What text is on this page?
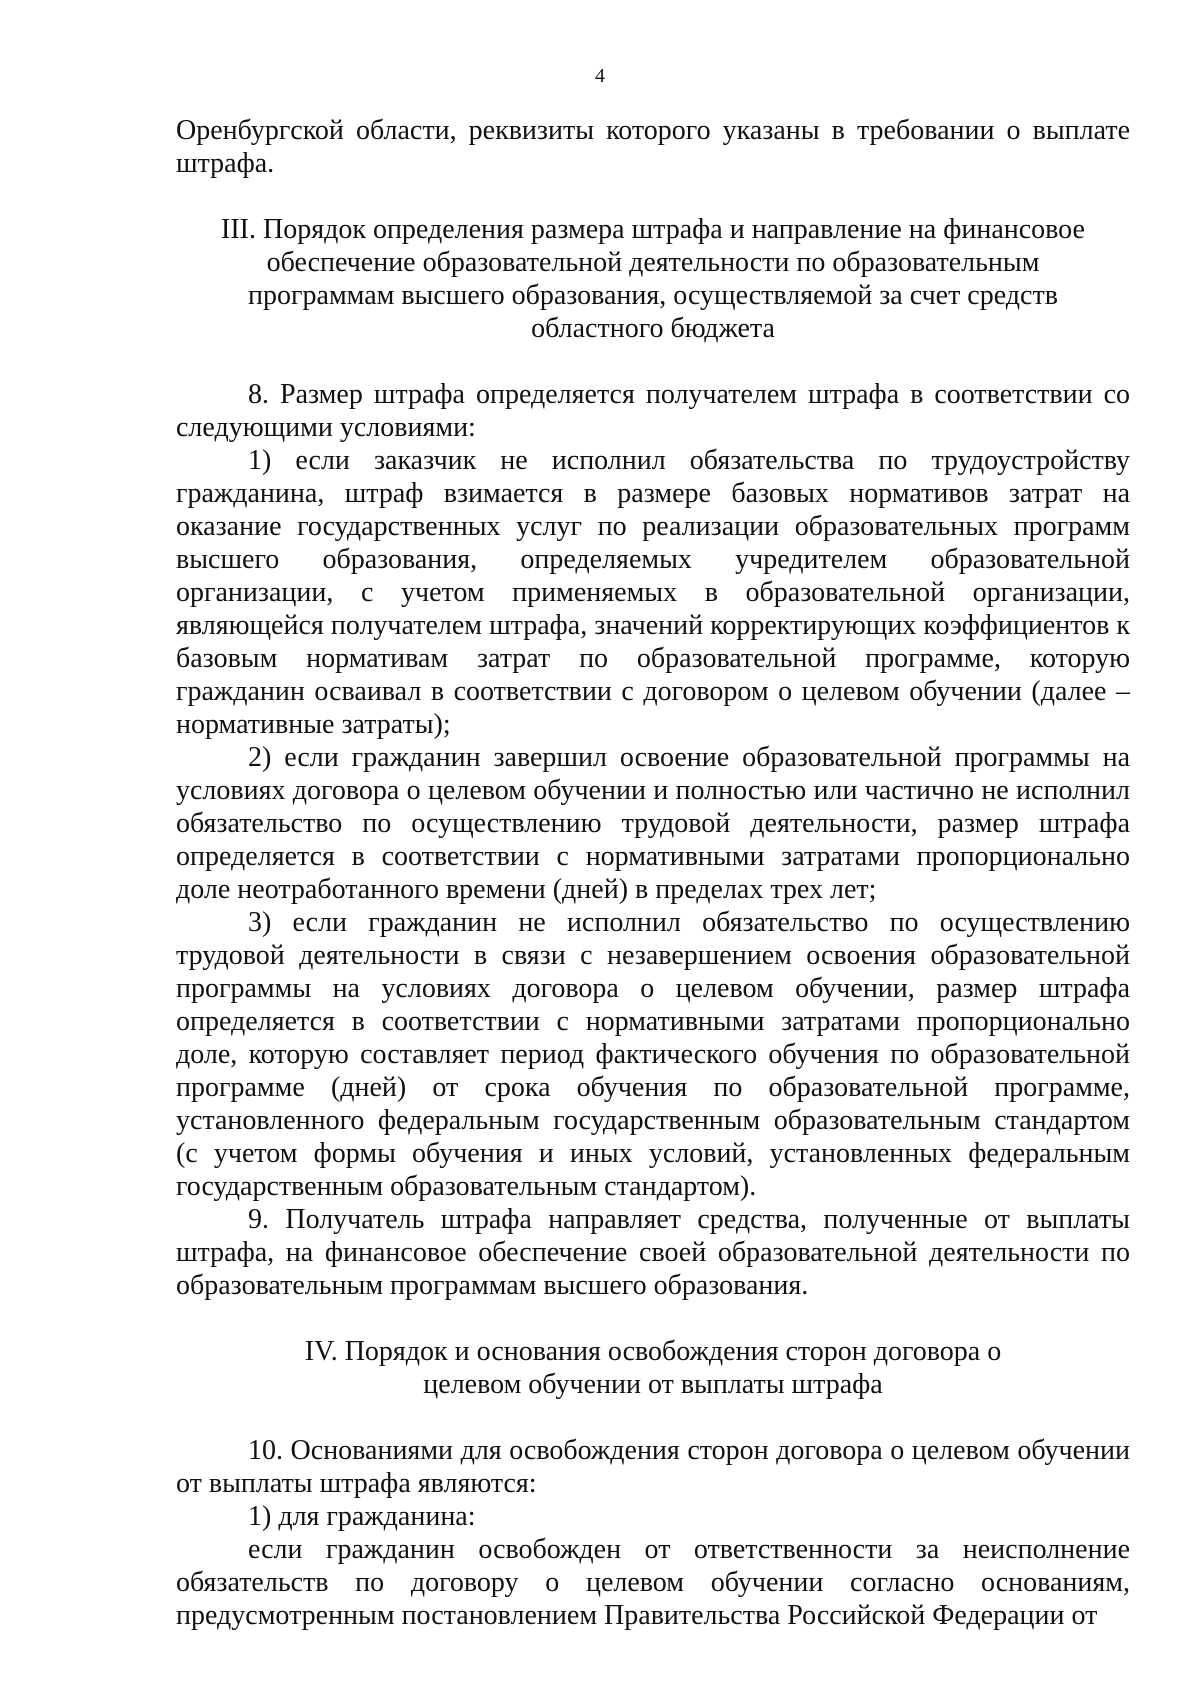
4

Оренбургской области, реквизиты которого указаны в требовании о выплате штрафа.

III. Порядок определения размера штрафа и направление на финансовое обеспечение образовательной деятельности по образовательным программам высшего образования, осуществляемой за счет средств областного бюджета

8. Размер штрафа определяется получателем штрафа в соответствии со следующими условиями:

1) если заказчик не исполнил обязательства по трудоустройству гражданина, штраф взимается в размере базовых нормативов затрат на оказание государственных услуг по реализации образовательных программ высшего образования, определяемых учредителем образовательной организации, с учетом применяемых в образовательной организации, являющейся получателем штрафа, значений корректирующих коэффициентов к базовым нормативам затрат по образовательной программе, которую гражданин осваивал в соответствии с договором о целевом обучении (далее – нормативные затраты);

2) если гражданин завершил освоение образовательной программы на условиях договора о целевом обучении и полностью или частично не исполнил обязательство по осуществлению трудовой деятельности, размер штрафа определяется в соответствии с нормативными затратами пропорционально доле неотработанного времени (дней) в пределах трех лет;

3) если гражданин не исполнил обязательство по осуществлению трудовой деятельности в связи с незавершением освоения образовательной программы на условиях договора о целевом обучении, размер штрафа определяется в соответствии с нормативными затратами пропорционально доле, которую составляет период фактического обучения по образовательной программе (дней) от срока обучения по образовательной программе, установленного федеральным государственным образовательным стандартом (с учетом формы обучения и иных условий, установленных федеральным государственным образовательным стандартом).

9. Получатель штрафа направляет средства, полученные от выплаты штрафа, на финансовое обеспечение своей образовательной деятельности по образовательным программам высшего образования.

IV. Порядок и основания освобождения сторон договора о целевом обучении от выплаты штрафа

10. Основаниями для освобождения сторон договора о целевом обучении от выплаты штрафа являются:

1) для гражданина:

если гражданин освобожден от ответственности за неисполнение обязательств по договору о целевом обучении согласно основаниям, предусмотренным постановлением Правительства Российской Федерации от
